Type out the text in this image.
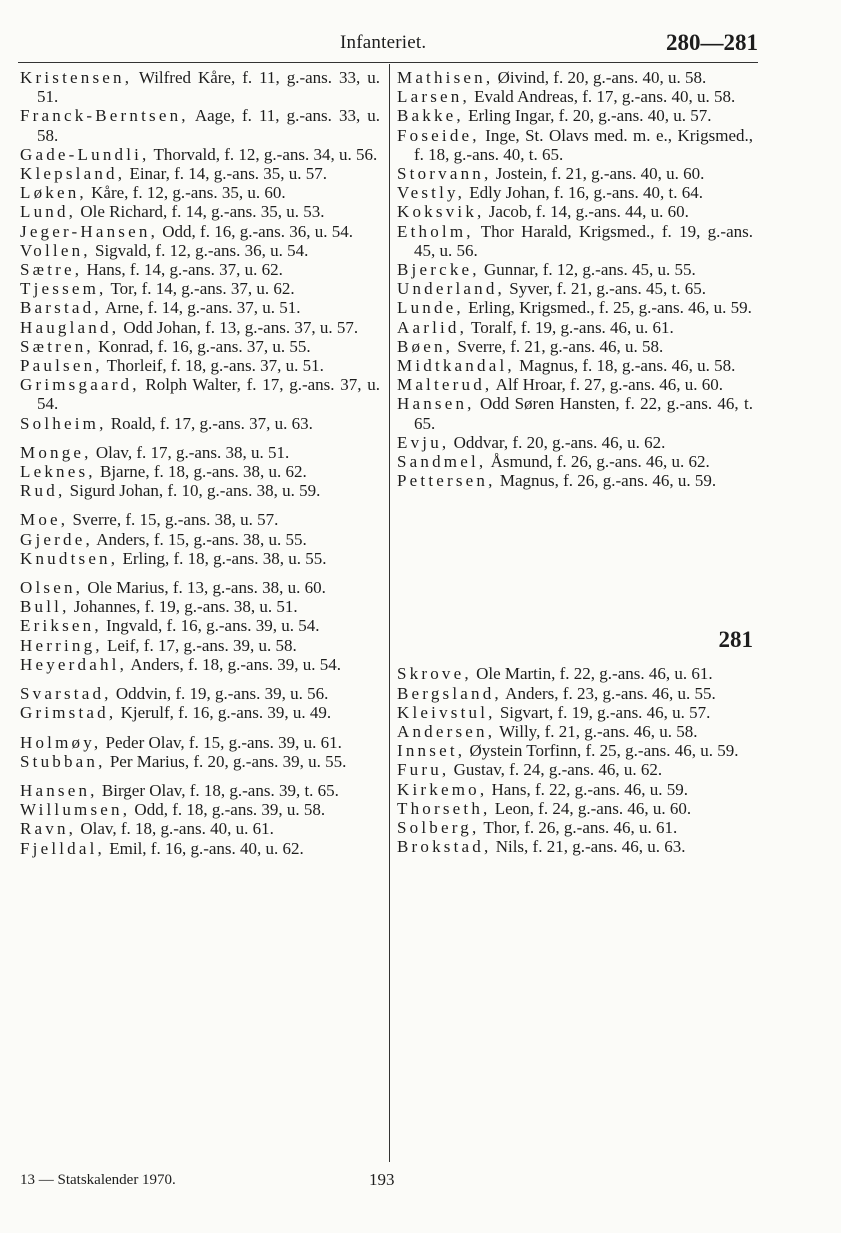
Infanteriet.	280—281
Kristensen, Wilfred Kåre, f. 11, g.-ans. 33, u. 51.
Franck-Berntsen, Aage, f. 11, g.-ans. 33, u. 58.
Gade-Lundli, Thorvald, f. 12, g.-ans. 34, u. 56.
Klepsland, Einar, f. 14, g.-ans. 35, u. 57.
Løken, Kåre, f. 12, g.-ans. 35, u. 60.
Lund, Ole Richard, f. 14, g.-ans. 35, u. 53.
Jeger-Hansen, Odd, f. 16, g.-ans. 36, u. 54.
Vollen, Sigvald, f. 12, g.-ans. 36, u. 54.
Sætre, Hans, f. 14, g.-ans. 37, u. 62.
Tjessem, Tor, f. 14, g.-ans. 37, u. 62.
Barstad, Arne, f. 14, g.-ans. 37, u. 51.
Haugland, Odd Johan, f. 13, g.-ans. 37, u. 57.
Sætren, Konrad, f. 16, g.-ans. 37, u. 55.
Paulsen, Thorleif, f. 18, g.-ans. 37, u. 51.
Grimsgaard, Rolph Walter, f. 17, g.-ans. 37, u. 54.
Solheim, Roald, f. 17, g.-ans. 37, u. 63.
Monge, Olav, f. 17, g.-ans. 38, u. 51.
Leknes, Bjarne, f. 18, g.-ans. 38, u. 62.
Rud, Sigurd Johan, f. 10, g.-ans. 38, u. 59.
Moe, Sverre, f. 15, g.-ans. 38, u. 57.
Gjerde, Anders, f. 15, g.-ans. 38, u. 55.
Knudtsen, Erling, f. 18, g.-ans. 38, u. 55.
Olsen, Ole Marius, f. 13, g.-ans. 38, u. 60.
Bull, Johannes, f. 19, g.-ans. 38, u. 51.
Eriksen, Ingvald, f. 16, g.-ans. 39, u. 54.
Herring, Leif, f. 17, g.-ans. 39, u. 58.
Heyerdahl, Anders, f. 18, g.-ans. 39, u. 54.
Svarstad, Oddvin, f. 19, g.-ans. 39, u. 56.
Grimstad, Kjerulf, f. 16, g.-ans. 39, u. 49.
Holmøy, Peder Olav, f. 15, g.-ans. 39, u. 61.
Stubban, Per Marius, f. 20, g.-ans. 39, u. 55.
Hansen, Birger Olav, f. 18, g.-ans. 39, t. 65.
Willumsen, Odd, f. 18, g.-ans. 39, u. 58.
Ravn, Olav, f. 18, g.-ans. 40, u. 61.
Fjelldal, Emil, f. 16, g.-ans. 40, u. 62.
Mathisen, Øivind, f. 20, g.-ans. 40, u. 58.
Larsen, Evald Andreas, f. 17, g.-ans. 40, u. 58.
Bakke, Erling Ingar, f. 20, g.-ans. 40, u. 57.
Foseide, Inge, St. Olavs med. m. e., Krigsmed., f. 18, g.-ans. 40, t. 65.
Storvann, Jostein, f. 21, g.-ans. 40, u. 60.
Vestly, Edly Johan, f. 16, g.-ans. 40, t. 64.
Koksvik, Jacob, f. 14, g.-ans. 44, u. 60.
Etholm, Thor Harald, Krigsmed., f. 19, g.-ans. 45, u. 56.
Bjercke, Gunnar, f. 12, g.-ans. 45, u. 55.
Underland, Syver, f. 21, g.-ans. 45, t. 65.
Lunde, Erling, Krigsmed., f. 25, g.-ans. 46, u. 59.
Aarlid, Toralf, f. 19, g.-ans. 46, u. 61.
Bøen, Sverre, f. 21, g.-ans. 46, u. 58.
Midtkandal, Magnus, f. 18, g.-ans. 46, u. 58.
Malterud, Alf Hroar, f. 27, g.-ans. 46, u. 60.
Hansen, Odd Søren Hansten, f. 22, g.-ans. 46, t. 65.
Evju, Oddvar, f. 20, g.-ans. 46, u. 62.
Sandmel, Åsmund, f. 26, g.-ans. 46, u. 62.
Pettersen, Magnus, f. 26, g.-ans. 46, u. 59.
281
Skrove, Ole Martin, f. 22, g.-ans. 46, u. 61.
Bergsland, Anders, f. 23, g.-ans. 46, u. 55.
Kleivstul, Sigvart, f. 19, g.-ans. 46, u. 57.
Andersen, Willy, f. 21, g.-ans. 46, u. 58.
Innset, Øystein Torfinn, f. 25, g.-ans. 46, u. 59.
Furu, Gustav, f. 24, g.-ans. 46, u. 62.
Kirkemo, Hans, f. 22, g.-ans. 46, u. 59.
Thorseth, Leon, f. 24, g.-ans. 46, u. 60.
Solberg, Thor, f. 26, g.-ans. 46, u. 61.
Brokstad, Nils, f. 21, g.-ans. 46, u. 63.
13 — Statskalender 1970.	193
